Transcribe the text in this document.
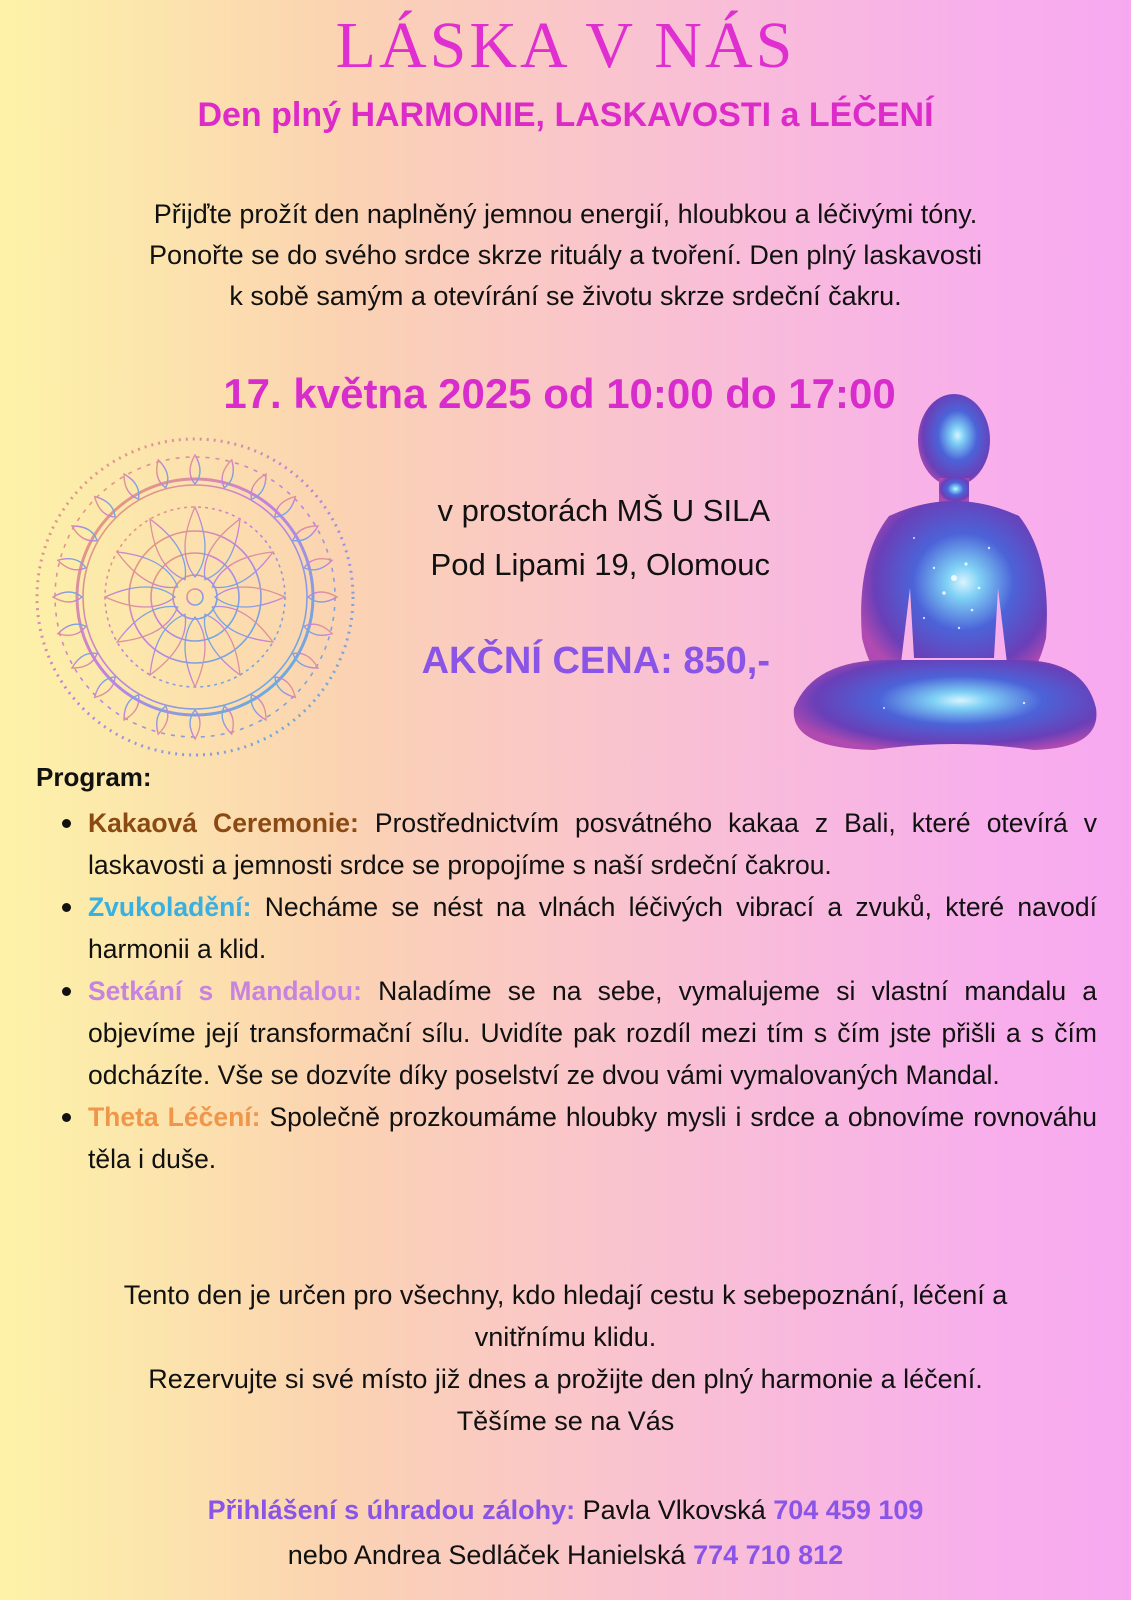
LÁSKA V NÁS
Den plný HARMONIE, LASKAVOSTI a LÉČENÍ
Přijďte prožít den naplněný jemnou energií, hloubkou a léčivými tóny.
Ponořte se do svého srdce skrze rituály a tvoření. Den plný laskavosti
k sobě samým a otevírání se životu skrze srdeční čakru.
17. května 2025 od 10:00 do 17:00
v prostorách MŠ U SILA
Pod Lipami 19, Olomouc
AKČNÍ CENA: 850,-
Program:
Kakaová Ceremonie: Prostřednictvím posvátného kakaa z Bali, které otevírá v laskavosti a jemnosti srdce se propojíme s naší srdeční čakrou.
Zvukoladění: Necháme se nést na vlnách léčivých vibrací a zvuků, které navodí harmonii a klid.
Setkání s Mandalou: Naladíme se na sebe, vymalujeme si vlastní mandalu a objevíme její transformační sílu. Uvidíte pak rozdíl mezi tím s čím jste přišli a s čím odcházíte. Vše se dozvíte díky poselství ze dvou vámi vymalovaných Mandal.
Theta Léčení: Společně prozkoumáme hloubky mysli i srdce a obnovíme rovnováhu těla i duše.
Tento den je určen pro všechny, kdo hledají cestu k sebepoznání, léčení a
vnitřnímu klidu.
Rezervujte si své místo již dnes a prožijte den plný harmonie a léčení.
Těšíme se na Vás
Přihlášení s úhradou zálohy: Pavla Vlkovská 704 459 109
nebo Andrea Sedláček Hanielská 774 710 812
